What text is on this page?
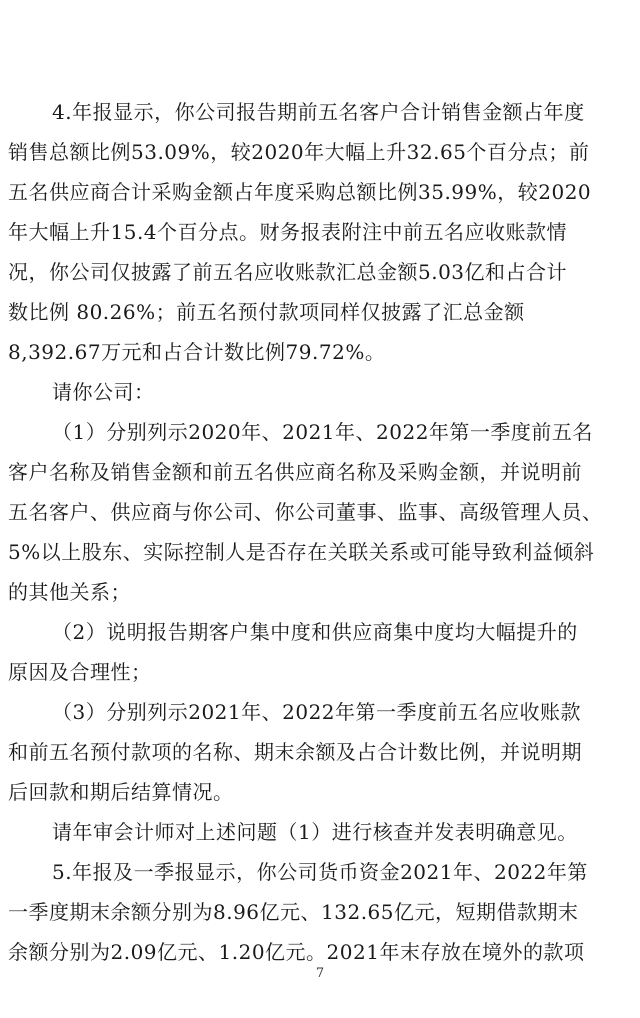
4.年报显示，你公司报告期前五名客户合计销售金额占年度
销售总额比例53.09%，较2020年大幅上升32.65个百分点；前
五名供应商合计采购金额占年度采购总额比例35.99%，较2020
年大幅上升15.4个百分点。财务报表附注中前五名应收账款情
况，你公司仅披露了前五名应收账款汇总金额5.03亿和占合计
数比例 80.26%；前五名预付款项同样仅披露了汇总金额
8,392.67万元和占合计数比例79.72%。
请你公司：
（1）分别列示2020年、2021年、2022年第一季度前五名
客户名称及销售金额和前五名供应商名称及采购金额，并说明前
五名客户、供应商与你公司、你公司董事、监事、高级管理人员、
5%以上股东、实际控制人是否存在关联关系或可能导致利益倾斜
的其他关系；
（2）说明报告期客户集中度和供应商集中度均大幅提升的
原因及合理性；
（3）分别列示2021年、2022年第一季度前五名应收账款
和前五名预付款项的名称、期末余额及占合计数比例，并说明期
后回款和期后结算情况。
请年审会计师对上述问题（1）进行核查并发表明确意见。
5.年报及一季报显示，你公司货币资金2021年、2022年第
一季度期末余额分别为8.96亿元、132.65亿元，短期借款期末
余额分别为2.09亿元、1.20亿元。2021年末存放在境外的款项
7
